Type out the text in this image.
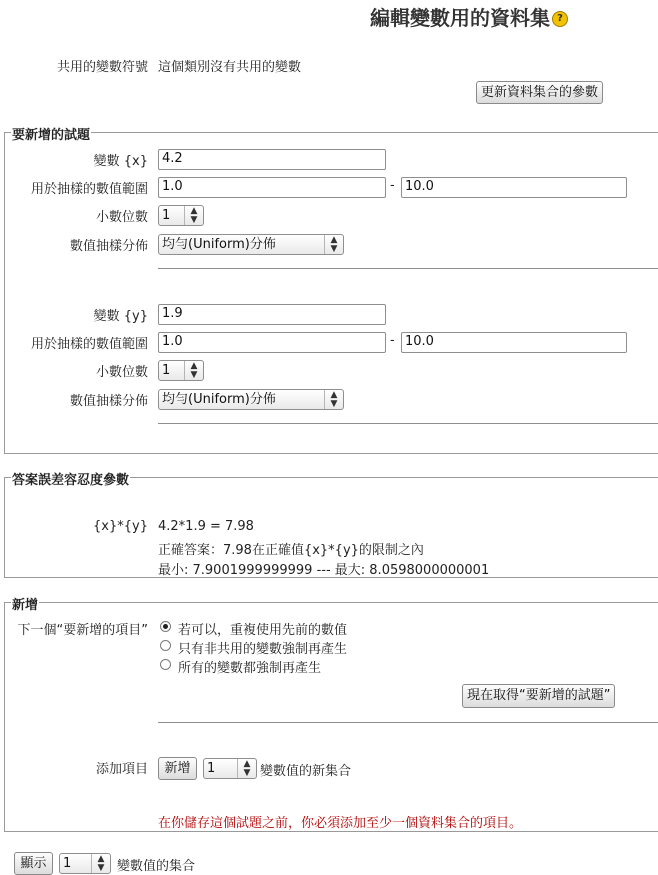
編輯變數用的資料集 ?
共用的變數符號 這個類別沒有共用的變數
更新資料集合的參數
要新增的試題
變數 {x}	4.2
用於抽樣的數值範圍	1.0	- 10.0
小數位數	1	▲
▼
數值抽樣分佈	均勻(Uniform)分佈	▲
▼
變數 {y}	1.9
用於抽樣的數值範圍	1.0	- 10.0
小數位數	1	▲
▼
數值抽樣分佈	均勻(Uniform)分佈	▲
▼
答案誤差容忍度參數
{x}*{y} 4.2*1.9 = 7.98
正確答案：7.98在正確值{x}*{y}的限制之內
最小: 7.9001999999999 --- 最大: 8.0598000000001
新增
下一個“要新增的項目” 若可以，重複使用先前的數值
只有非共用的變數強制再產生
所有的變數都強制再產生
現在取得“要新增的試題”
添加項目	新增	1	▲
▼ 變數值的新集合
在你儲存這個試題之前，你必須添加至少一個資料集合的項目。
顯示	1	▲
▼ 變數值的集合
